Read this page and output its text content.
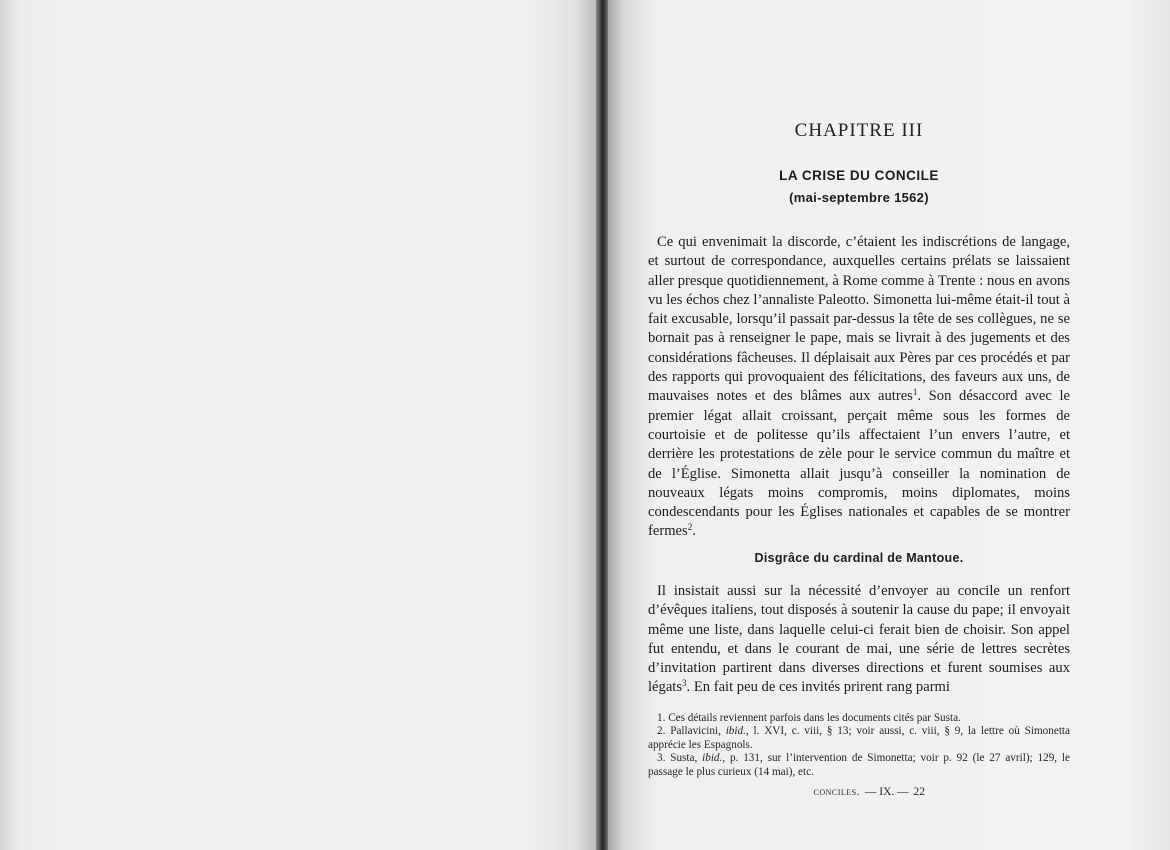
CHAPITRE III
LA CRISE DU CONCILE
(mai-septembre 1562)
Ce qui envenimait la discorde, c’étaient les indiscrétions de langage, et surtout de correspondance, auxquelles certains prélats se laissaient aller presque quotidiennement, à Rome comme à Trente : nous en avons vu les échos chez l’annaliste Paleotto. Simonetta lui-même était-il tout à fait excusable, lorsqu’il passait par-dessus la tête de ses collègues, ne se bornait pas à renseigner le pape, mais se livrait à des jugements et des considérations fâcheuses. Il déplaisait aux Pères par ces procédés et par des rapports qui provoquaient des félicitations, des faveurs aux uns, de mauvaises notes et des blâmes aux autres$^1$. Son désaccord avec le premier légat allait croissant, perçait même sous les formes de courtoisie et de politesse qu’ils affectaient l’un envers l’autre, et derrière les protestations de zèle pour le service commun du maître et de l’Église. Simonetta allait jusqu’à conseiller la nomination de nouveaux légats moins compromis, moins diplomates, moins condescendants pour les Églises nationales et capables de se montrer fermes$^2$.
Disgrâce du cardinal de Mantoue.
Il insistait aussi sur la nécessité d’envoyer au concile un renfort d’évêques italiens, tout disposés à soutenir la cause du pape; il envoyait même une liste, dans laquelle celui-ci ferait bien de choisir. Son appel fut entendu, et dans le courant de mai, une série de lettres secrètes d’invitation partirent dans diverses directions et furent soumises aux légats$^3$. En fait peu de ces invités prirent rang parmi
1. Ces détails reviennent parfois dans les documents cités par Susta.
2. Pallavicini, ibid., l. XVI, c. viii, § 13; voir aussi, c. viii, § 9, la lettre où Simonetta apprécie les Espagnols.
3. Susta, ibid., p. 131, sur l’intervention de Simonetta; voir p. 92 (le 27 avril); 129, le passage le plus curieux (14 mai), etc.
conciles. — IX. — 22
